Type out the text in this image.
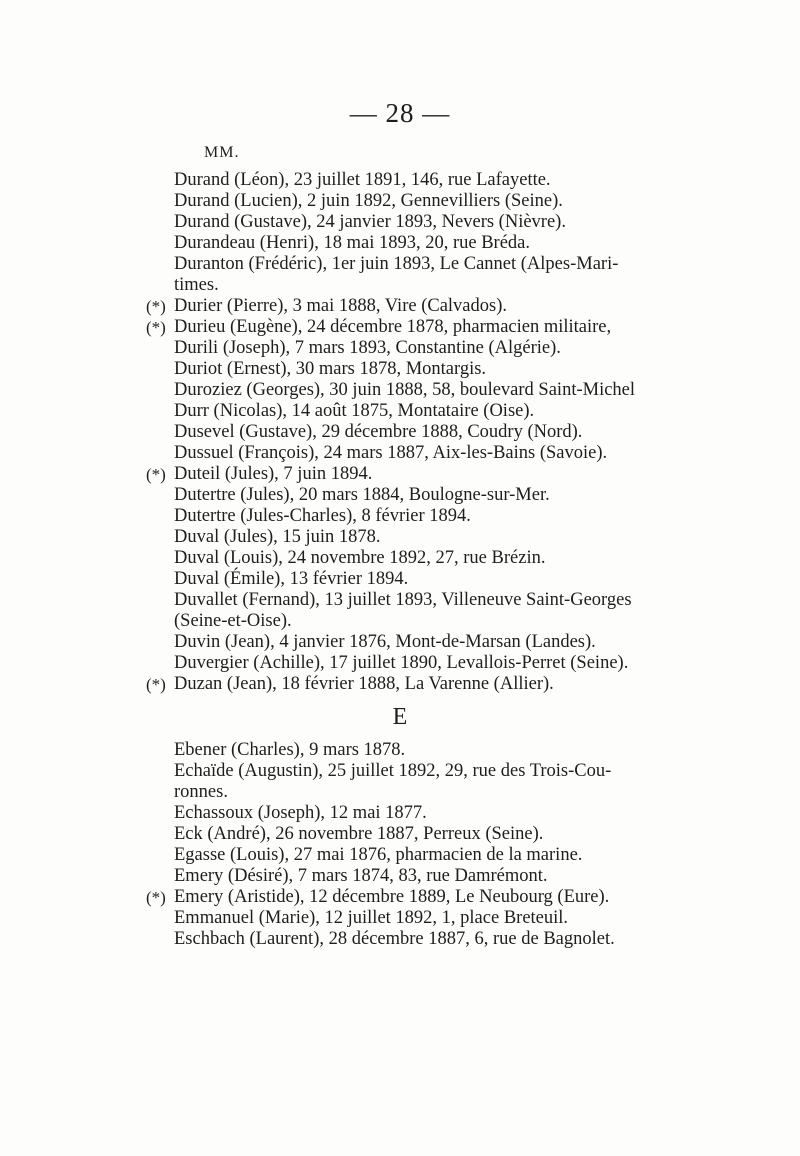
— 28 —
MM.
Durand (Léon), 23 juillet 1891, 146, rue Lafayette.
Durand (Lucien), 2 juin 1892, Gennevilliers (Seine).
Durand (Gustave), 24 janvier 1893, Nevers (Nièvre).
Durandeau (Henri), 18 mai 1893, 20, rue Bréda.
Duranton (Frédéric), 1er juin 1893, Le Cannet (Alpes-Mari-
times.
(*) Durier (Pierre), 3 mai 1888, Vire (Calvados).
(*) Durieu (Eugène), 24 décembre 1878, pharmacien militaire,
Durili (Joseph), 7 mars 1893, Constantine (Algérie).
Duriot (Ernest), 30 mars 1878, Montargis.
Duroziez (Georges), 30 juin 1888, 58, boulevard Saint-Michel
Durr (Nicolas), 14 août 1875, Montataire (Oise).
Dusevel (Gustave), 29 décembre 1888, Coudry (Nord).
Dussuel (François), 24 mars 1887, Aix-les-Bains (Savoie).
(*) Duteil (Jules), 7 juin 1894.
Dutertre (Jules), 20 mars 1884, Boulogne-sur-Mer.
Dutertre (Jules-Charles), 8 février 1894.
Duval (Jules), 15 juin 1878.
Duval (Louis), 24 novembre 1892, 27, rue Brézin.
Duval (Émile), 13 février 1894.
Duvallet (Fernand), 13 juillet 1893, Villeneuve Saint-Georges
(Seine-et-Oise).
Duvin (Jean), 4 janvier 1876, Mont-de-Marsan (Landes).
Duvergier (Achille), 17 juillet 1890, Levallois-Perret (Seine).
(*) Duzan (Jean), 18 février 1888, La Varenne (Allier).
E
Ebener (Charles), 9 mars 1878.
Echaïde (Augustin), 25 juillet 1892, 29, rue des Trois-Cou-
ronnes.
Echassoux (Joseph), 12 mai 1877.
Eck (André), 26 novembre 1887, Perreux (Seine).
Egasse (Louis), 27 mai 1876, pharmacien de la marine.
Emery (Désiré), 7 mars 1874, 83, rue Damrémont.
(*) Emery (Aristide), 12 décembre 1889, Le Neubourg (Eure).
Emmanuel (Marie), 12 juillet 1892, 1, place Breteuil.
Eschbach (Laurent), 28 décembre 1887, 6, rue de Bagnolet.
